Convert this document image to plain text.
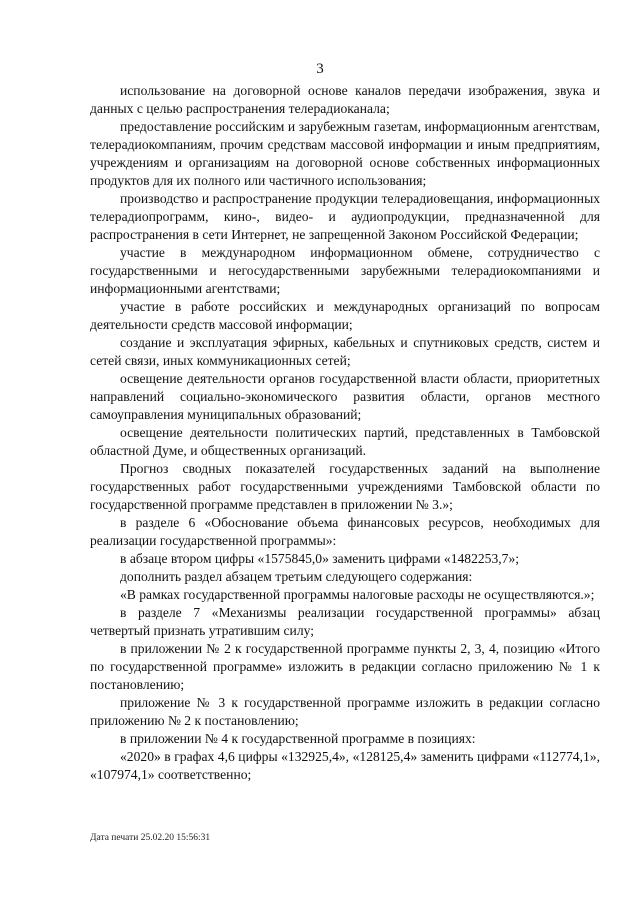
3

использование на договорной основе каналов передачи изображения, звука и данных с целью распространения телерадиоканала;

предоставление российским и зарубежным газетам, информационным агентствам, телерадиокомпаниям, прочим средствам массовой информации и иным предприятиям, учреждениям и организациям на договорной основе собственных информационных продуктов для их полного или частичного использования;

производство и распространение продукции телерадиовещания, информационных телерадиопрограмм, кино-, видео- и аудиопродукции, предназначенной для распространения в сети Интернет, не запрещенной Законом Российской Федерации;

участие в международном информационном обмене, сотрудничество с государственными и негосударственными зарубежными телерадиокомпаниями и информационными агентствами;

участие в работе российских и международных организаций по вопросам деятельности средств массовой информации;

создание и эксплуатация эфирных, кабельных и спутниковых средств, систем и сетей связи, иных коммуникационных сетей;

освещение деятельности органов государственной власти области, приоритетных направлений социально-экономического развития области, органов местного самоуправления муниципальных образований;

освещение деятельности политических партий, представленных в Тамбовской областной Думе, и общественных организаций.

Прогноз сводных показателей государственных заданий на выполнение государственных работ государственными учреждениями Тамбовской области по государственной программе представлен в приложении № 3.»;

в разделе 6 «Обоснование объема финансовых ресурсов, необходимых для реализации государственной программы»:

в абзаце втором цифры «1575845,0» заменить цифрами «1482253,7»;

дополнить раздел абзацем третьим следующего содержания:

«В рамках государственной программы налоговые расходы не осуществляются.»;

в разделе 7 «Механизмы реализации государственной программы» абзац четвертый признать утратившим силу;

в приложении № 2 к государственной программе пункты 2, 3, 4, позицию «Итого по государственной программе» изложить в редакции согласно приложению № 1 к постановлению;

приложение № 3 к государственной программе изложить в редакции согласно приложению № 2 к постановлению;

в приложении № 4 к государственной программе в позициях:

«2020» в графах 4,6 цифры «132925,4», «128125,4» заменить цифрами «112774,1», «107974,1» соответственно;

Дата печати 25.02.20 15:56:31
